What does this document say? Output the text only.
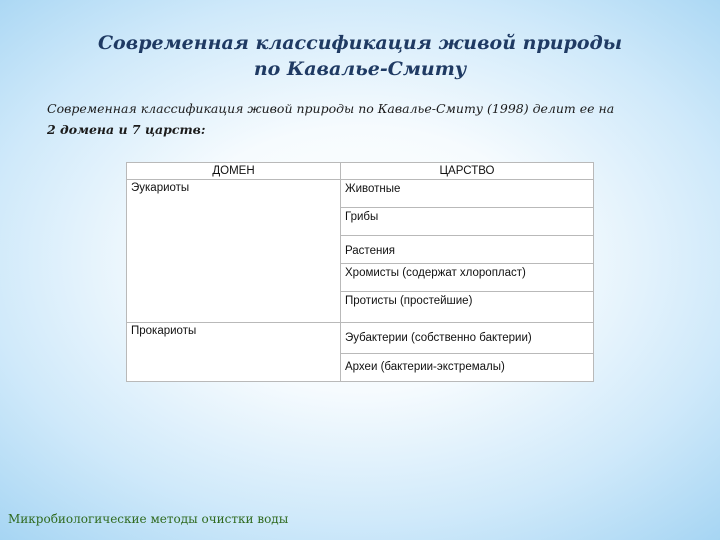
Современная классификация живой природы
по Кавалье-Смиту
Современная классификация живой природы по Кавалье-Смиту (1998) делит ее на
2 домена и 7 царств:
ДОМЕН	ЦАРСТВО
Эукариоты	Животные
	Грибы
	Растения
	Хромисты (содержат хлоропласт)
	Протисты (простейшие)
Прокариоты	Эубактерии (собственно бактерии)
	Археи (бактерии-экстремалы)
Микробиологические методы очистки воды
